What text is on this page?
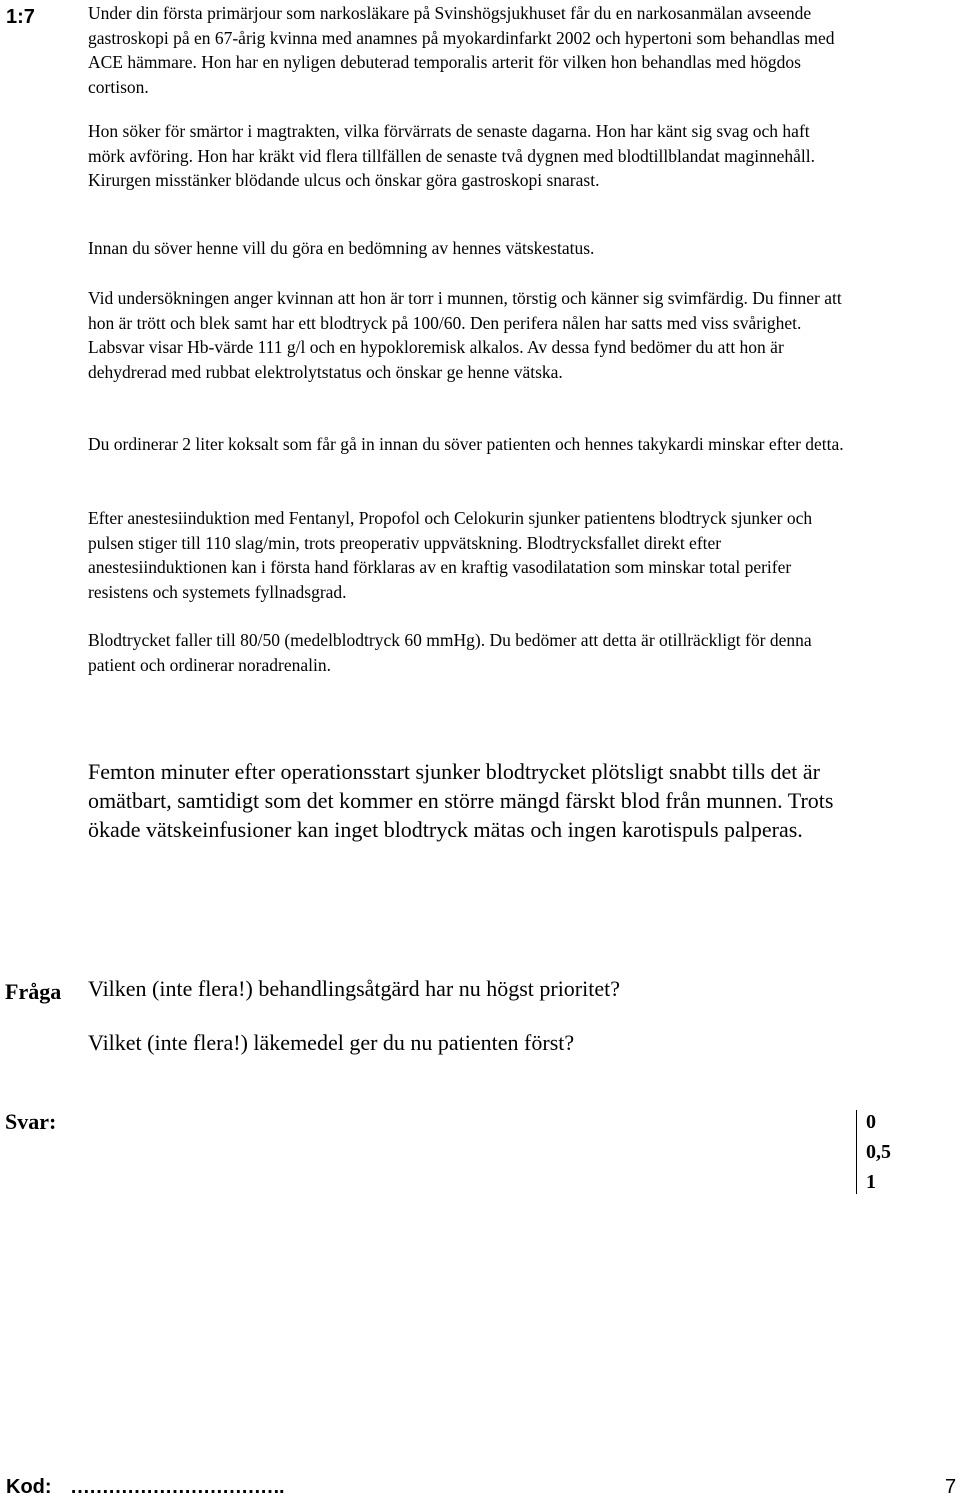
1:7	Under din första primärjour som narkosläkare på Svinshögsjukhuset får du en narkosanmälan avseende gastroskopi på en 67-årig kvinna med anamnes på myokardinfarkt 2002 och hypertoni som behandlas med ACE hämmare. Hon har en nyligen debuterad temporalis arterit för vilken hon behandlas med högdos cortison.

Hon söker för smärtor i magtrakten, vilka förvärrats de senaste dagarna. Hon har känt sig svag och haft mörk avföring. Hon har kräkt vid flera tillfällen de senaste två dygnen med blodtillblandat maginnehåll. Kirurgen misstänker blödande ulcus och önskar göra gastroskopi snarast.

Innan du söver henne vill du göra en bedömning av hennes vätskestatus.

Vid undersökningen anger kvinnan att hon är torr i munnen, törstig och känner sig svimfärdig. Du finner att hon är trött och blek samt har ett blodtryck på 100/60. Den perifera nålen har satts med viss svårighet. Labsvar visar Hb-värde 111 g/l och en hypokloremisk alkalos. Av dessa fynd bedömer du att hon är dehydrerad med rubbat elektrolytstatus och önskar ge henne vätska.

Du ordinerar 2 liter koksalt som får gå in innan du söver patienten och hennes takykardi minskar efter detta.

Efter anestesiinduktion med Fentanyl, Propofol och Celokurin sjunker patientens blodtryck sjunker och pulsen stiger till 110 slag/min, trots preoperativ uppvätskning. Blodtrycksfallet direkt efter anestesiinduktionen kan i första hand förklaras av en kraftig vasodilatation som minskar total perifer resistens och systemets fyllnadsgrad.

Blodtrycket faller till 80/50 (medelblodtryck 60 mmHg). Du bedömer att detta är otillräckligt för denna patient och ordinerar noradrenalin.

Femton minuter efter operationsstart sjunker blodtrycket plötsligt snabbt tills det är omätbart, samtidigt som det kommer en större mängd färskt blod från munnen. Trots ökade vätskeinfusioner kan inget blodtryck mätas och ingen karotispuls palperas.

Fråga Vilken (inte flera!) behandlingsåtgärd har nu högst prioritet?
Vilket (inte flera!) läkemedel ger du nu patienten först?
Svar:	0
0,5
1
Kod: …………………………….	7
